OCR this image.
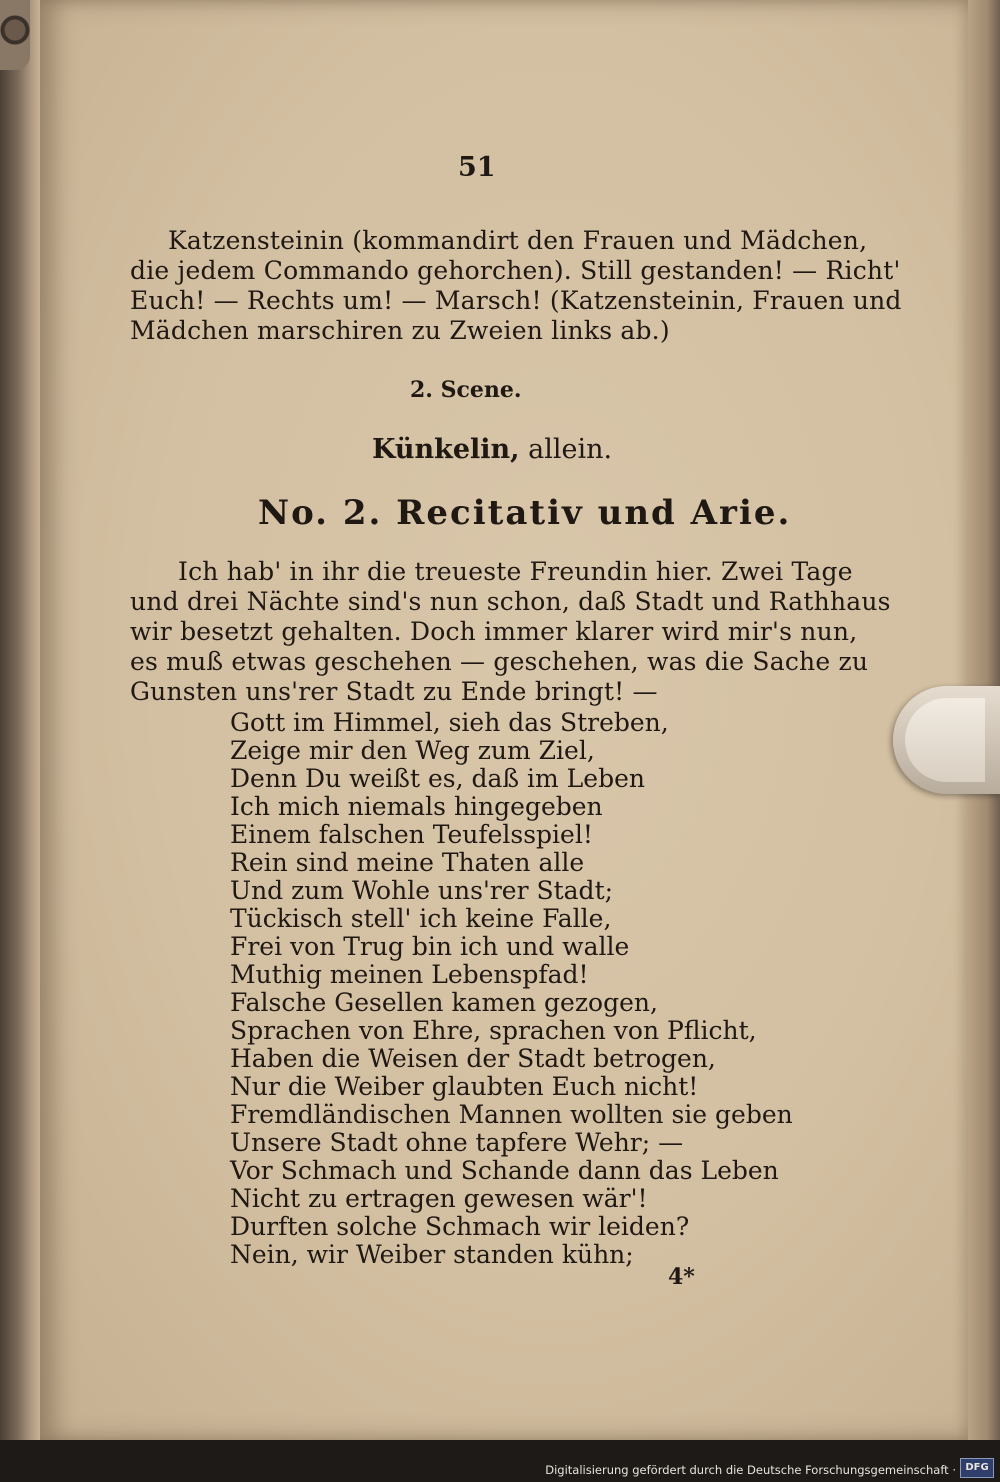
51
Katzensteinin (kommandirt den Frauen und Mädchen,
die jedem Commando gehorchen). Still gestanden! — Richt'
Euch! — Rechts um! — Marsch! (Katzensteinin, Frauen und
Mädchen marschiren zu Zweien links ab.)
2. Scene.
Künkelin, allein.
No. 2. Recitativ und Arie.
Ich hab' in ihr die treueste Freundin hier. Zwei Tage
und drei Nächte sind's nun schon, daß Stadt und Rathhaus
wir besetzt gehalten. Doch immer klarer wird mir's nun,
es muß etwas geschehen — geschehen, was die Sache zu
Gunsten uns'rer Stadt zu Ende bringt! —
Gott im Himmel, sieh das Streben,
Zeige mir den Weg zum Ziel,
Denn Du weißt es, daß im Leben
Ich mich niemals hingegeben
Einem falschen Teufelsspiel!
Rein sind meine Thaten alle
Und zum Wohle uns'rer Stadt;
Tückisch stell' ich keine Falle,
Frei von Trug bin ich und walle
Muthig meinen Lebenspfad!
Falsche Gesellen kamen gezogen,
Sprachen von Ehre, sprachen von Pflicht,
Haben die Weisen der Stadt betrogen,
Nur die Weiber glaubten Euch nicht!
Fremdländischen Mannen wollten sie geben
Unsere Stadt ohne tapfere Wehr; —
Vor Schmach und Schande dann das Leben
Nicht zu ertragen gewesen wär'!
Durften solche Schmach wir leiden?
Nein, wir Weiber standen kühn;
4*
Digitalisierung gefördert durch die Deutsche Forschungsgemeinschaft · DFG
